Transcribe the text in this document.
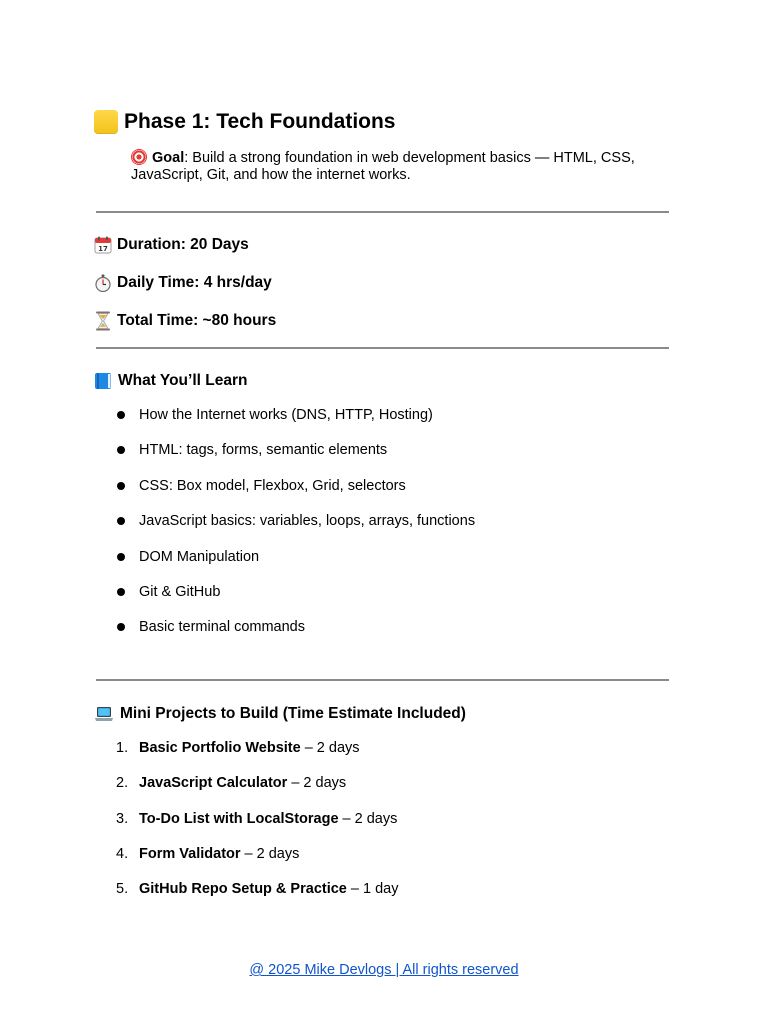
Phase 1: Tech Foundations
Goal: Build a strong foundation in web development basics — HTML, CSS, JavaScript, Git, and how the internet works.
17 Duration: 20 Days
Daily Time: 4 hrs/day
Total Time: ~80 hours
What You’ll Learn
How the Internet works (DNS, HTTP, Hosting)
HTML: tags, forms, semantic elements
CSS: Box model, Flexbox, Grid, selectors
JavaScript basics: variables, loops, arrays, functions
DOM Manipulation
Git & GitHub
Basic terminal commands
Mini Projects to Build (Time Estimate Included)
1. Basic Portfolio Website – 2 days
2. JavaScript Calculator – 2 days
3. To-Do List with LocalStorage – 2 days
4. Form Validator – 2 days
5. GitHub Repo Setup & Practice – 1 day
@ 2025 Mike Devlogs | All rights reserved
